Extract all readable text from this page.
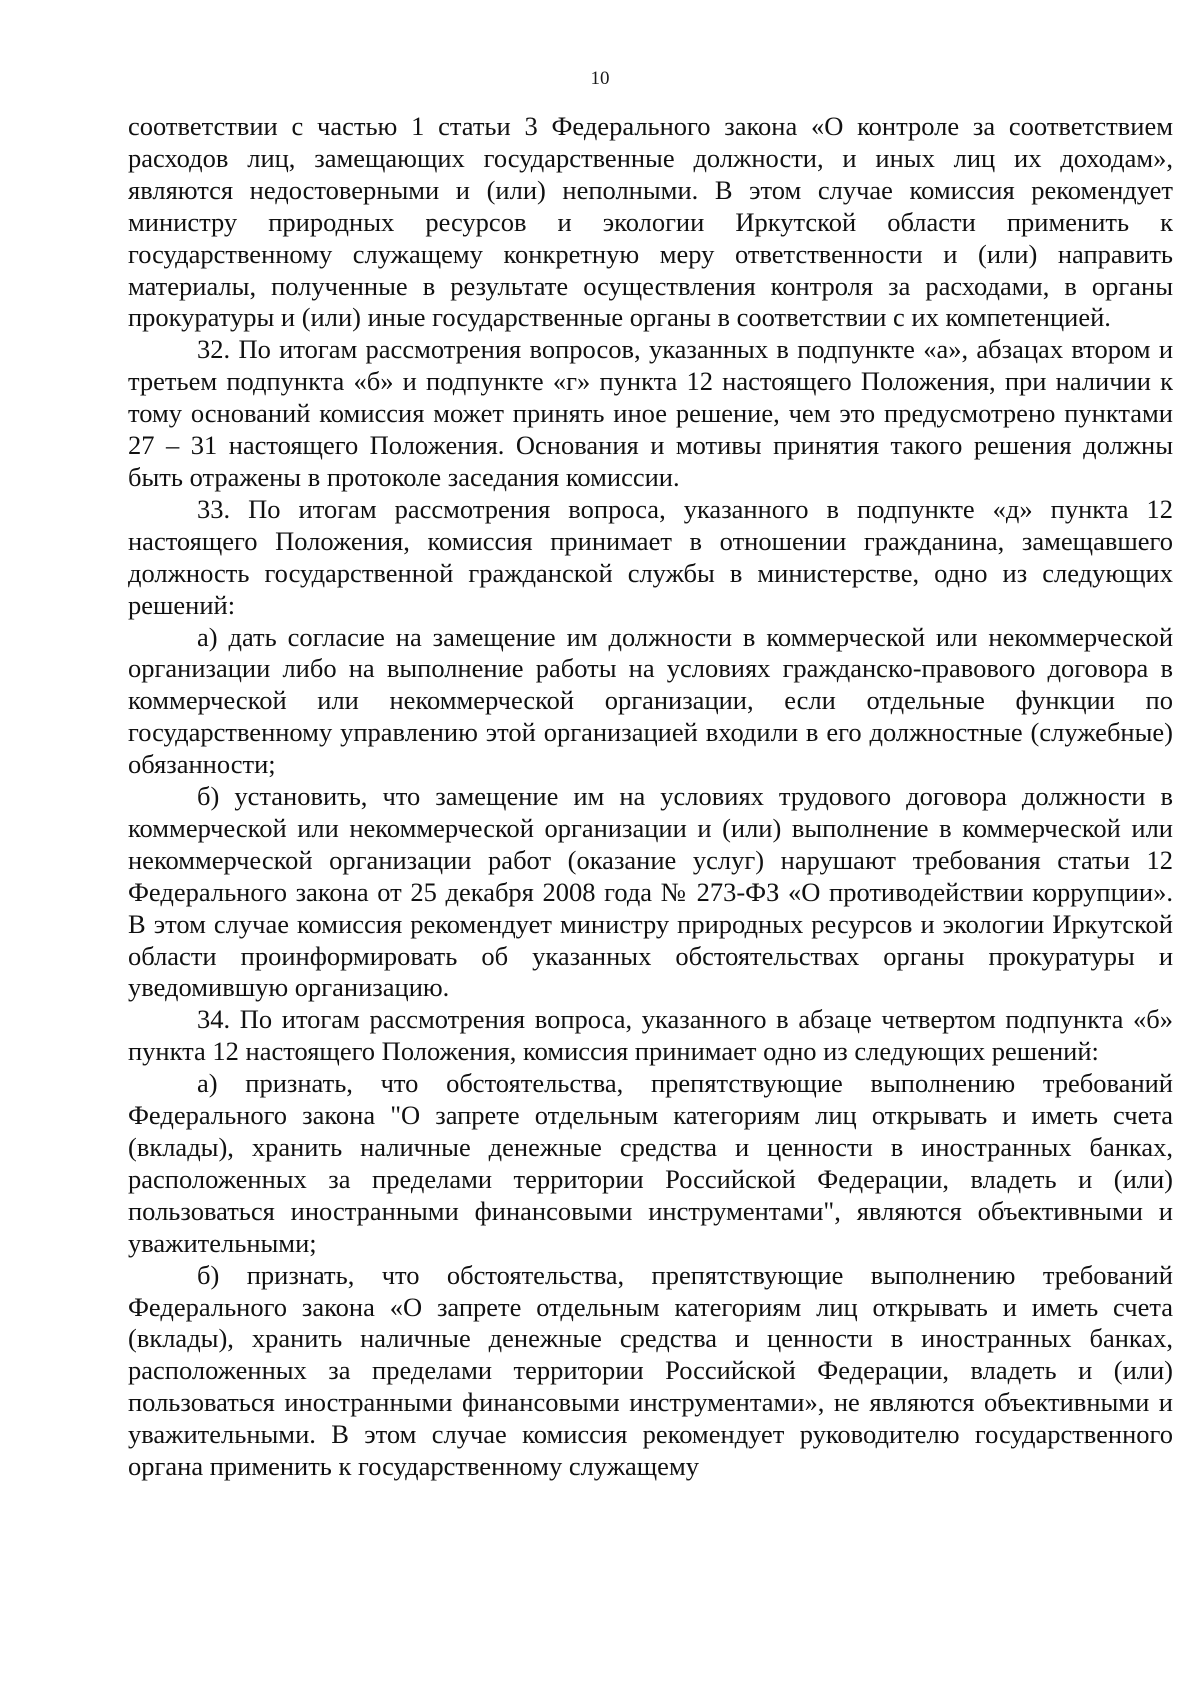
10

соответствии с частью 1 статьи 3 Федерального закона «О контроле за соответствием расходов лиц, замещающих государственные должности, и иных лиц их доходам», являются недостоверными и (или) неполными. В этом случае комиссия рекомендует министру природных ресурсов и экологии Иркутской области применить к государственному служащему конкретную меру ответственности и (или) направить материалы, полученные в результате осуществления контроля за расходами, в органы прокуратуры и (или) иные государственные органы в соответствии с их компетенцией.

32. По итогам рассмотрения вопросов, указанных в подпункте «а», абзацах втором и третьем подпункта «б» и подпункте «г» пункта 12 настоящего Положения, при наличии к тому оснований комиссия может принять иное решение, чем это предусмотрено пунктами 27 – 31 настоящего Положения. Основания и мотивы принятия такого решения должны быть отражены в протоколе заседания комиссии.

33. По итогам рассмотрения вопроса, указанного в подпункте «д» пункта 12 настоящего Положения, комиссия принимает в отношении гражданина, замещавшего должность государственной гражданской службы в министерстве, одно из следующих решений:

а) дать согласие на замещение им должности в коммерческой или некоммерческой организации либо на выполнение работы на условиях гражданско-правового договора в коммерческой или некоммерческой организации, если отдельные функции по государственному управлению этой организацией входили в его должностные (служебные) обязанности;

б) установить, что замещение им на условиях трудового договора должности в коммерческой или некоммерческой организации и (или) выполнение в коммерческой или некоммерческой организации работ (оказание услуг) нарушают требования статьи 12 Федерального закона от 25 декабря 2008 года № 273-ФЗ «О противодействии коррупции». В этом случае комиссия рекомендует министру природных ресурсов и экологии Иркутской области проинформировать об указанных обстоятельствах органы прокуратуры и уведомившую организацию.

34. По итогам рассмотрения вопроса, указанного в абзаце четвертом подпункта «б» пункта 12 настоящего Положения, комиссия принимает одно из следующих решений:

а) признать, что обстоятельства, препятствующие выполнению требований Федерального закона "О запрете отдельным категориям лиц открывать и иметь счета (вклады), хранить наличные денежные средства и ценности в иностранных банках, расположенных за пределами территории Российской Федерации, владеть и (или) пользоваться иностранными финансовыми инструментами", являются объективными и уважительными;

б) признать, что обстоятельства, препятствующие выполнению требований Федерального закона «О запрете отдельным категориям лиц открывать и иметь счета (вклады), хранить наличные денежные средства и ценности в иностранных банках, расположенных за пределами территории Российской Федерации, владеть и (или) пользоваться иностранными финансовыми инструментами», не являются объективными и уважительными. В этом случае комиссия рекомендует руководителю государственного органа применить к государственному служащему
